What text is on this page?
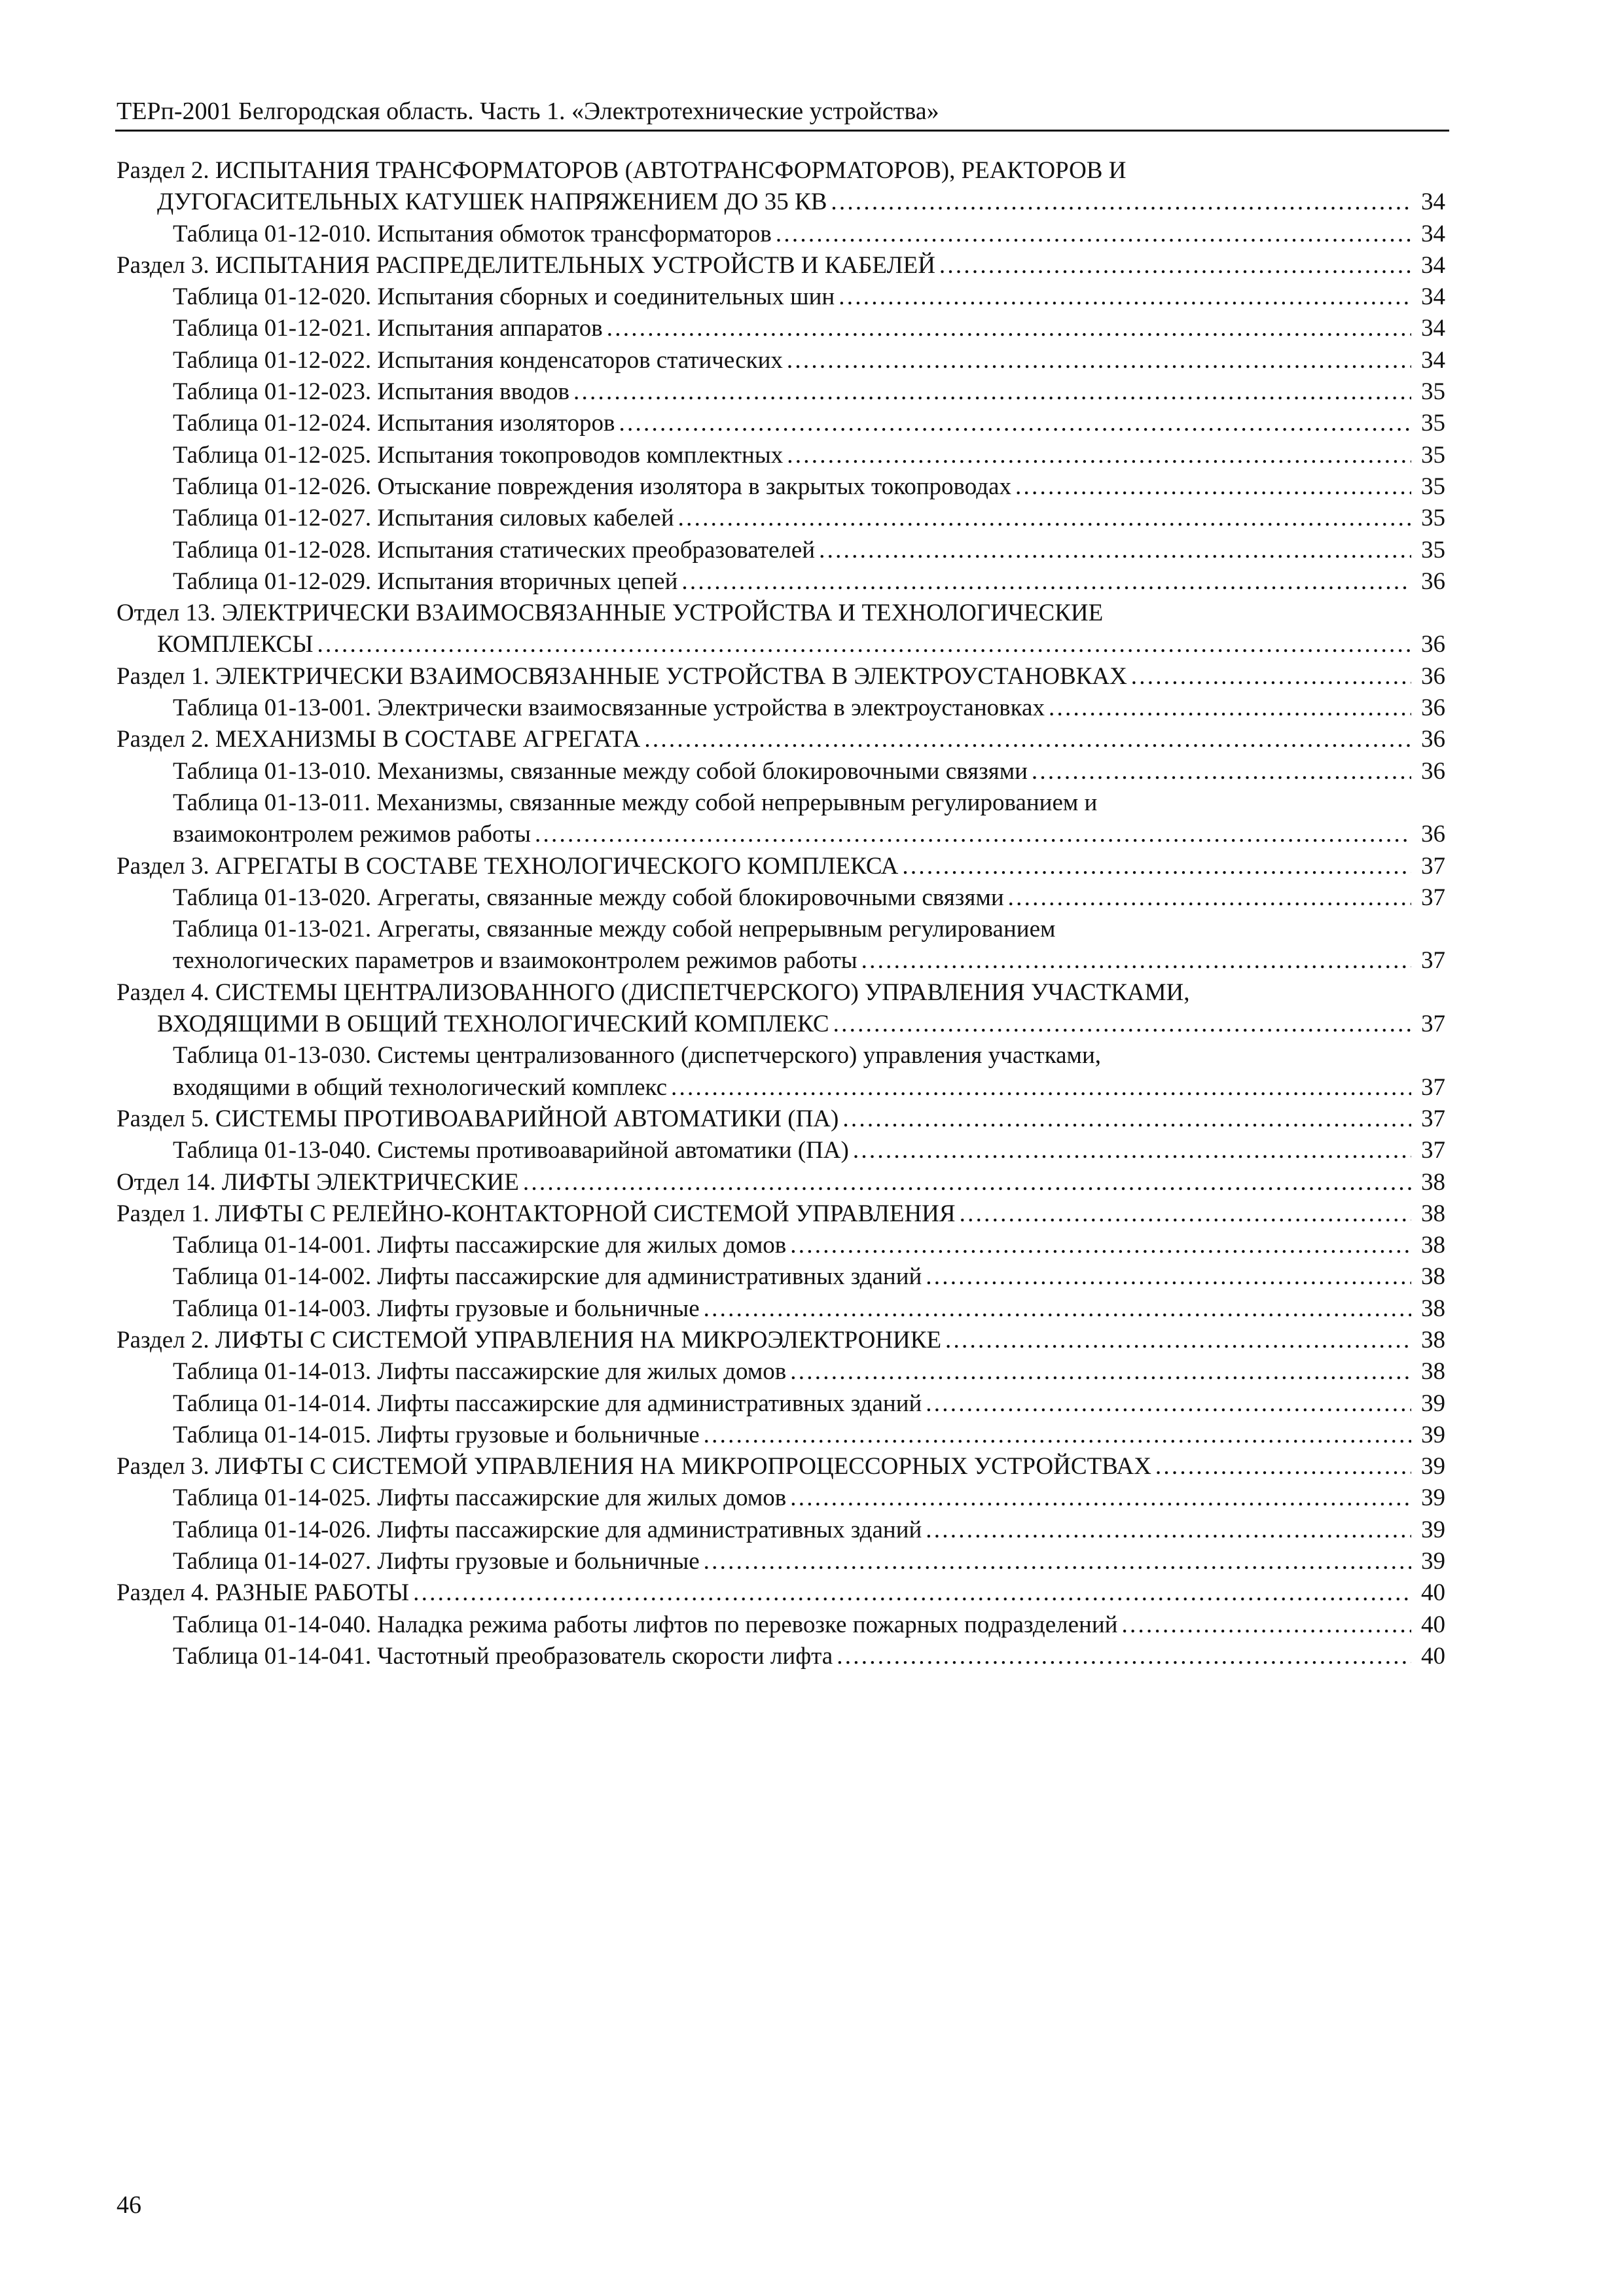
ТЕРп-2001 Белгородская область. Часть 1. «Электротехнические устройства»
Раздел 2. ИСПЫТАНИЯ ТРАНСФОРМАТОРОВ (АВТОТРАНСФОРМАТОРОВ), РЕАКТОРОВ И
ДУГОГАСИТЕЛЬНЫХ КАТУШЕК НАПРЯЖЕНИЕМ ДО 35 КВ . . .	34
Таблица 01-12-010. Испытания обмоток трансформаторов . . .	34
Раздел 3. ИСПЫТАНИЯ РАСПРЕДЕЛИТЕЛЬНЫХ УСТРОЙСТВ И КАБЕЛЕЙ . . .	34
Таблица 01-12-020. Испытания сборных и соединительных шин . . .	34
Таблица 01-12-021. Испытания аппаратов . . .	34
Таблица 01-12-022. Испытания конденсаторов статических . . .	34
Таблица 01-12-023. Испытания вводов . . .	35
Таблица 01-12-024. Испытания изоляторов . . .	35
Таблица 01-12-025. Испытания токопроводов комплектных . . .	35
Таблица 01-12-026. Отыскание повреждения изолятора в закрытых токопроводах . . .	35
Таблица 01-12-027. Испытания силовых кабелей . . .	35
Таблица 01-12-028. Испытания статических преобразователей . . .	35
Таблица 01-12-029. Испытания вторичных цепей . . .	36
Отдел 13. ЭЛЕКТРИЧЕСКИ ВЗАИМОСВЯЗАННЫЕ УСТРОЙСТВА И ТЕХНОЛОГИЧЕСКИЕ
КОМПЛЕКСЫ . . .	36
Раздел 1. ЭЛЕКТРИЧЕСКИ ВЗАИМОСВЯЗАННЫЕ УСТРОЙСТВА В ЭЛЕКТРОУСТАНОВКАХ . . .	36
Таблица 01-13-001. Электрически взаимосвязанные устройства в электроустановках . . .	36
Раздел 2. МЕХАНИЗМЫ В СОСТАВЕ АГРЕГАТА . . .	36
Таблица 01-13-010. Механизмы, связанные между собой блокировочными связями . . .	36
Таблица 01-13-011. Механизмы, связанные между собой непрерывным регулированием и
взаимоконтролем режимов работы . . .	36
Раздел 3. АГРЕГАТЫ В СОСТАВЕ ТЕХНОЛОГИЧЕСКОГО КОМПЛЕКСА . . .	37
Таблица 01-13-020. Агрегаты, связанные между собой блокировочными связями . . .	37
Таблица 01-13-021. Агрегаты, связанные между собой непрерывным регулированием
технологических параметров и взаимоконтролем режимов работы . . .	37
Раздел 4. СИСТЕМЫ ЦЕНТРАЛИЗОВАННОГО (ДИСПЕТЧЕРСКОГО) УПРАВЛЕНИЯ УЧАСТКАМИ,
ВХОДЯЩИМИ В ОБЩИЙ ТЕХНОЛОГИЧЕСКИЙ КОМПЛЕКС . . .	37
Таблица 01-13-030. Системы централизованного (диспетчерского) управления участками,
входящими в общий технологический комплекс . . .	37
Раздел 5. СИСТЕМЫ ПРОТИВОАВАРИЙНОЙ АВТОМАТИКИ (ПА) . . .	37
Таблица 01-13-040. Системы противоаварийной автоматики (ПА) . . .	37
Отдел 14. ЛИФТЫ ЭЛЕКТРИЧЕСКИЕ . . .	38
Раздел 1. ЛИФТЫ С РЕЛЕЙНО-КОНТАКТОРНОЙ СИСТЕМОЙ УПРАВЛЕНИЯ . . .	38
Таблица 01-14-001. Лифты пассажирские для жилых домов . . .	38
Таблица 01-14-002. Лифты пассажирские для административных зданий . . .	38
Таблица 01-14-003. Лифты грузовые и больничные . . .	38
Раздел 2. ЛИФТЫ С СИСТЕМОЙ УПРАВЛЕНИЯ НА МИКРОЭЛЕКТРОНИКЕ . . .	38
Таблица 01-14-013. Лифты пассажирские для жилых домов . . .	38
Таблица 01-14-014. Лифты пассажирские для административных зданий . . .	39
Таблица 01-14-015. Лифты грузовые и больничные . . .	39
Раздел 3. ЛИФТЫ С СИСТЕМОЙ УПРАВЛЕНИЯ НА МИКРОПРОЦЕССОРНЫХ УСТРОЙСТВАХ . . .	39
Таблица 01-14-025. Лифты пассажирские для жилых домов . . .	39
Таблица 01-14-026. Лифты пассажирские для административных зданий . . .	39
Таблица 01-14-027. Лифты грузовые и больничные . . .	39
Раздел 4. РАЗНЫЕ РАБОТЫ . . .	40
Таблица 01-14-040. Наладка режима работы лифтов по перевозке пожарных подразделений . . .	40
Таблица 01-14-041. Частотный преобразователь скорости лифта . . .	40
46
